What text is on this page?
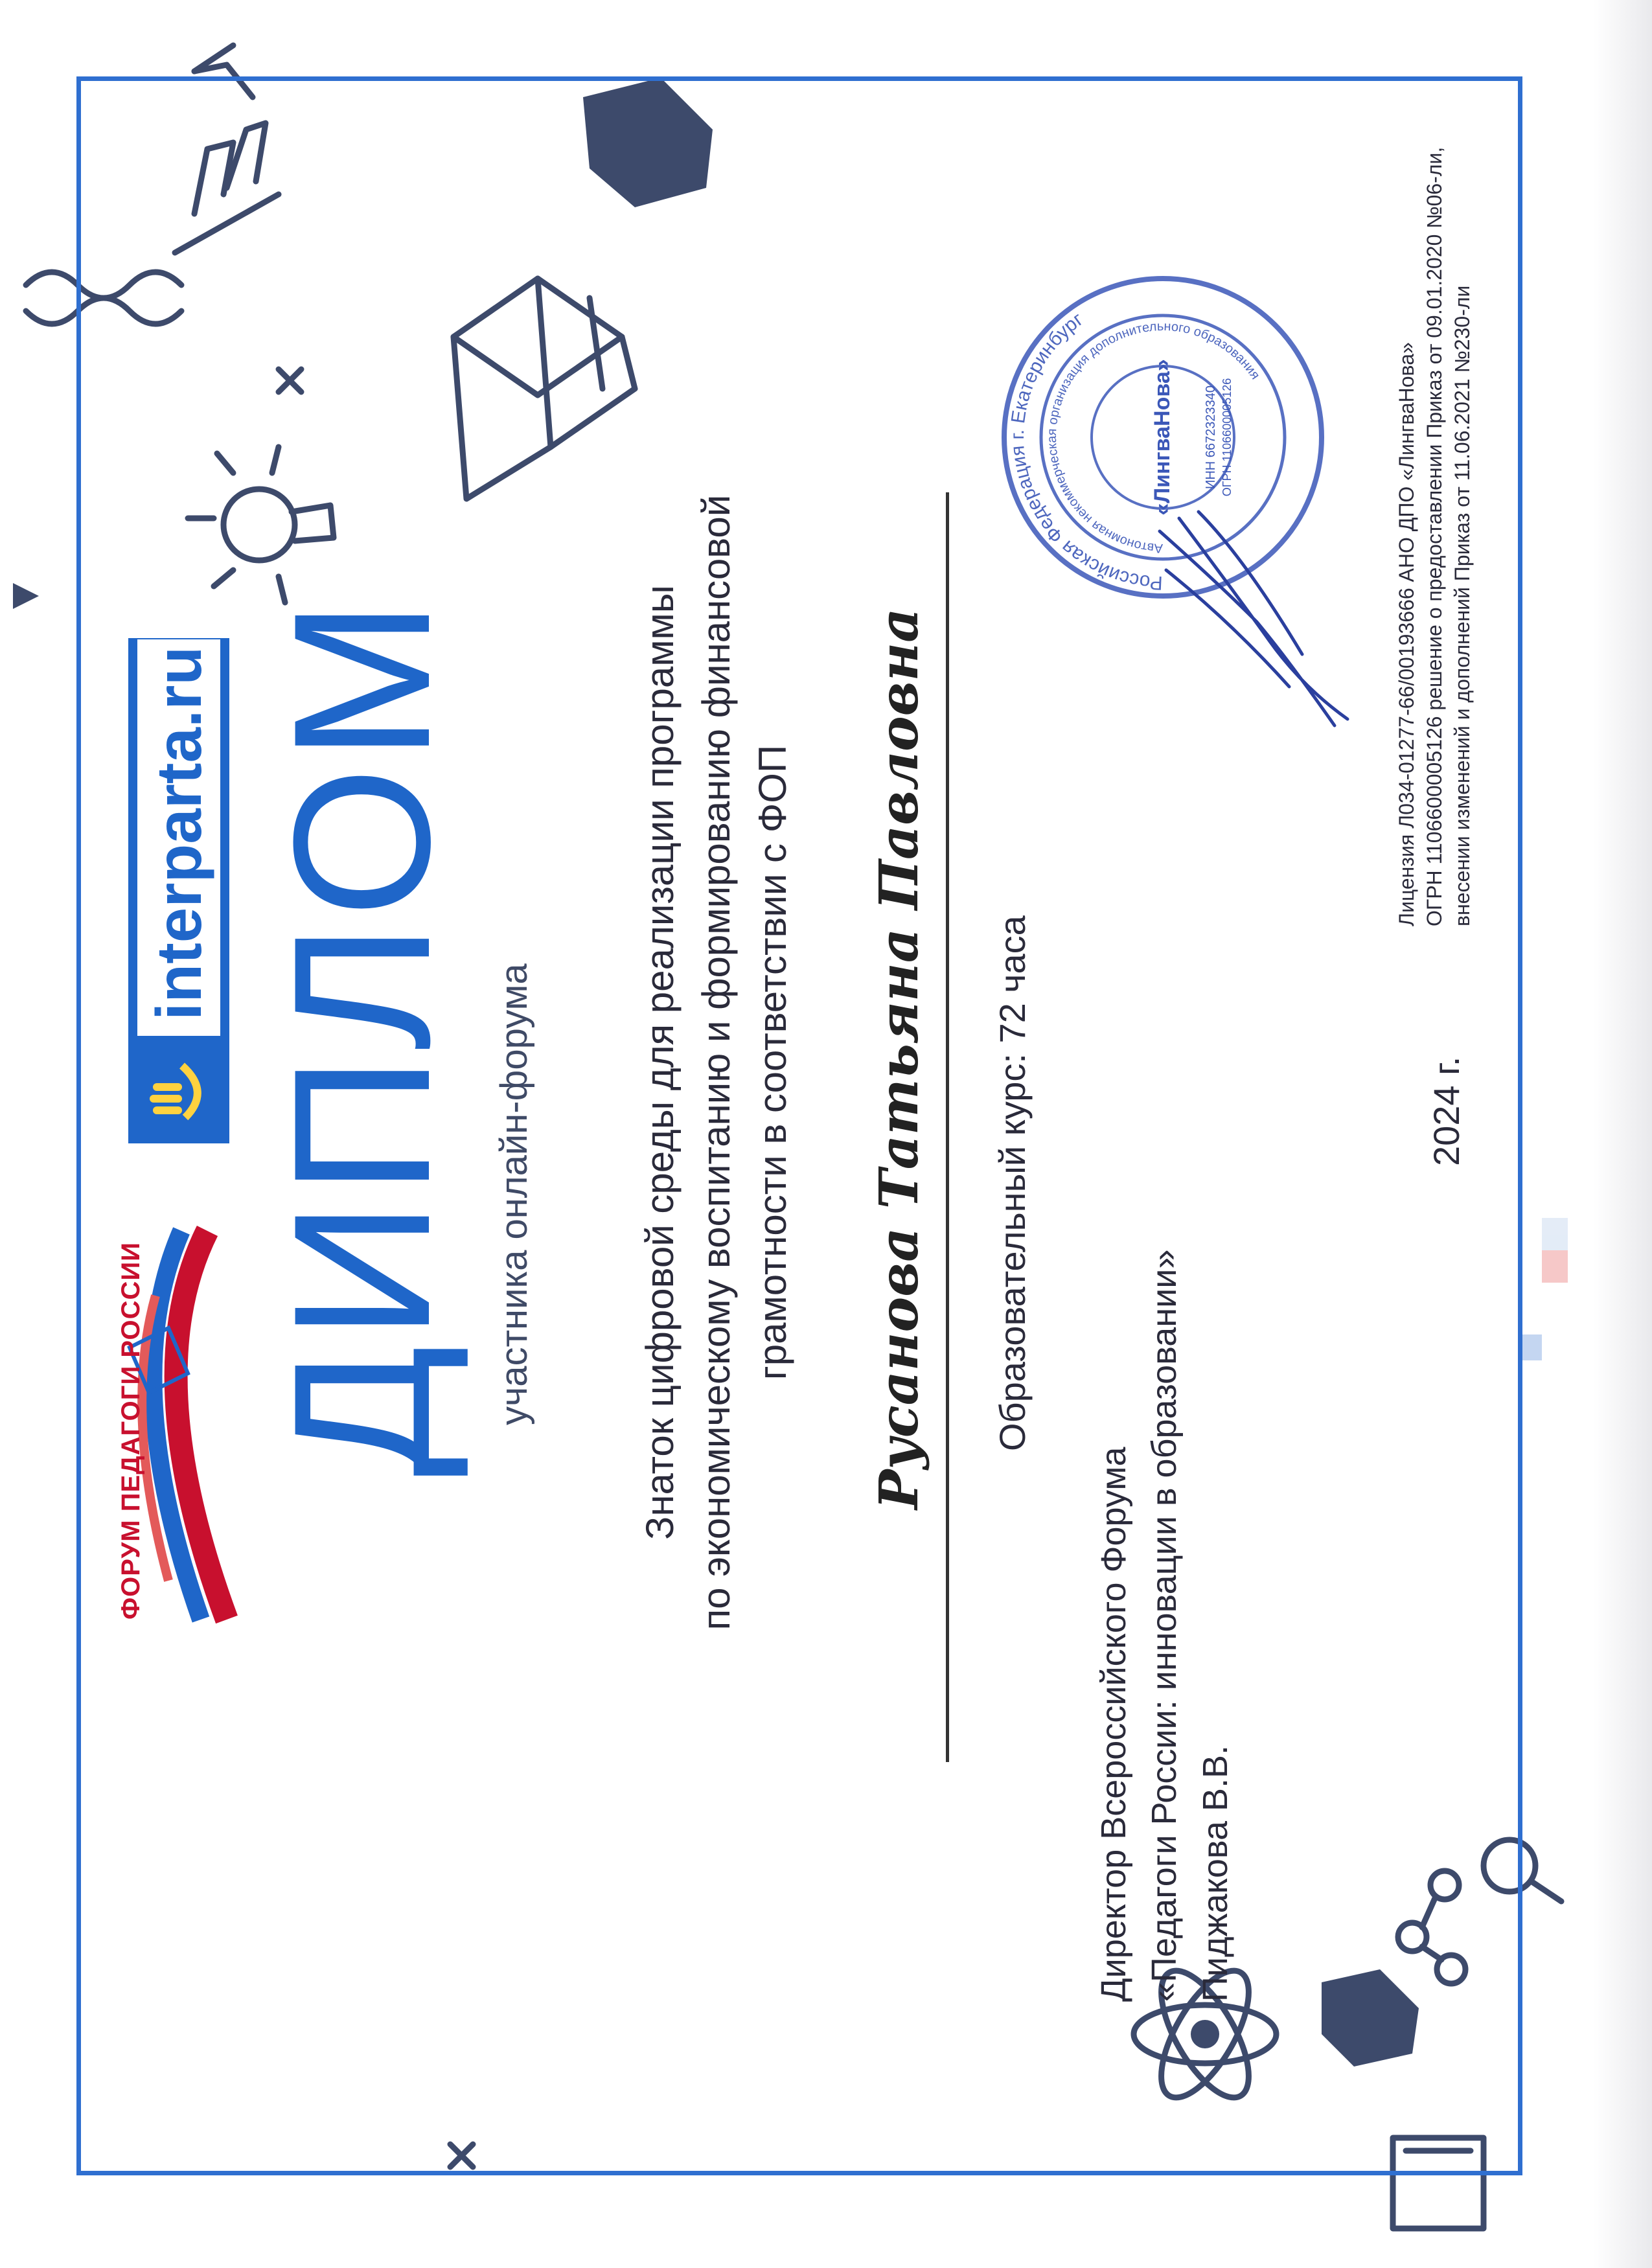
ФОРУМ ПЕДАГОГИ РОССИИ
interparta.ru ДИПЛОМ участника онлайн-форума	Знаток цифровой среды для реализации программы по экономическому воспитанию и формированию финансовой грамотности в соответствии с ФОП Русанова Татьяна Павловна Образовательный курс: 72 часа
Директор Всероссийского Форума «Педагоги России: инновации в образовании» Пиджакова В.В.
2024 г.
Лицензия Л034-01277-66/00193666 АНО ДПО «ЛингваНова» ОГРН 1106600005126 решение о предоставлении Приказ от 09.01.2020 №06-ли, внесении изменений и дополнений Приказ от 11.06.2021 №230-ли
Российская Федерация г. Екатеринбург
Автономная некоммерческая организация дополнительного образования
«ЛингваНова» ИНН 6672323340 ОГРН 1106600005126
